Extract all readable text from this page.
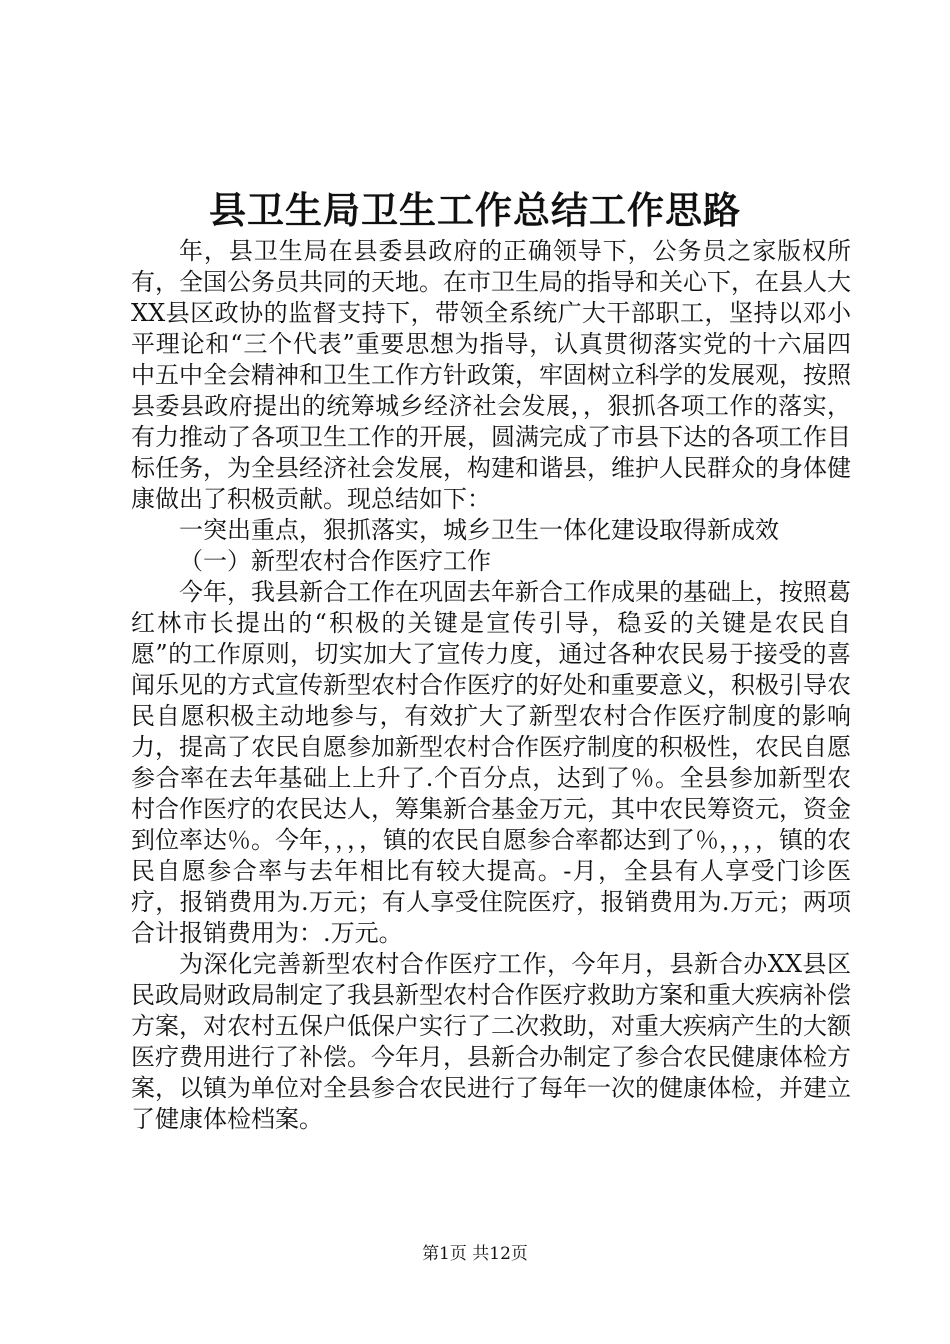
县卫生局卫生工作总结工作思路

年，县卫生局在县委县政府的正确领导下，公务员之家版权所有，全国公务员共同的天地。在市卫生局的指导和关心下，在县人大XX县区政协的监督支持下，带领全系统广大干部职工，坚持以邓小平理论和“三个代表”重要思想为指导，认真贯彻落实党的十六届四中五中全会精神和卫生工作方针政策，牢固树立科学的发展观，按照县委县政府提出的统筹城乡经济社会发展，，狠抓各项工作的落实，有力推动了各项卫生工作的开展，圆满完成了市县下达的各项工作目标任务，为全县经济社会发展，构建和谐县，维护人民群众的身体健康做出了积极贡献。现总结如下：

一突出重点，狠抓落实，城乡卫生一体化建设取得新成效

（一）新型农村合作医疗工作

今年，我县新合工作在巩固去年新合工作成果的基础上，按照葛红林市长提出的“积极的关键是宣传引导，稳妥的关键是农民自愿”的工作原则，切实加大了宣传力度，通过各种农民易于接受的喜闻乐见的方式宣传新型农村合作医疗的好处和重要意义，积极引导农民自愿积极主动地参与，有效扩大了新型农村合作医疗制度的影响力，提高了农民自愿参加新型农村合作医疗制度的积极性，农民自愿参合率在去年基础上上升了.个百分点，达到了％。全县参加新型农村合作医疗的农民达人，筹集新合基金万元，其中农民筹资元，资金到位率达％。今年，，，，镇的农民自愿参合率都达到了％，，，，镇的农民自愿参合率与去年相比有较大提高。-月，全县有人享受门诊医疗，报销费用为.万元；有人享受住院医疗，报销费用为.万元；两项合计报销费用为：.万元。

为深化完善新型农村合作医疗工作，今年月，县新合办XX县区民政局财政局制定了我县新型农村合作医疗救助方案和重大疾病补偿方案，对农村五保户低保户实行了二次救助，对重大疾病产生的大额医疗费用进行了补偿。今年月，县新合办制定了参合农民健康体检方案，以镇为单位对全县参合农民进行了每年一次的健康体检，并建立了健康体检档案。

第1页 共12页
